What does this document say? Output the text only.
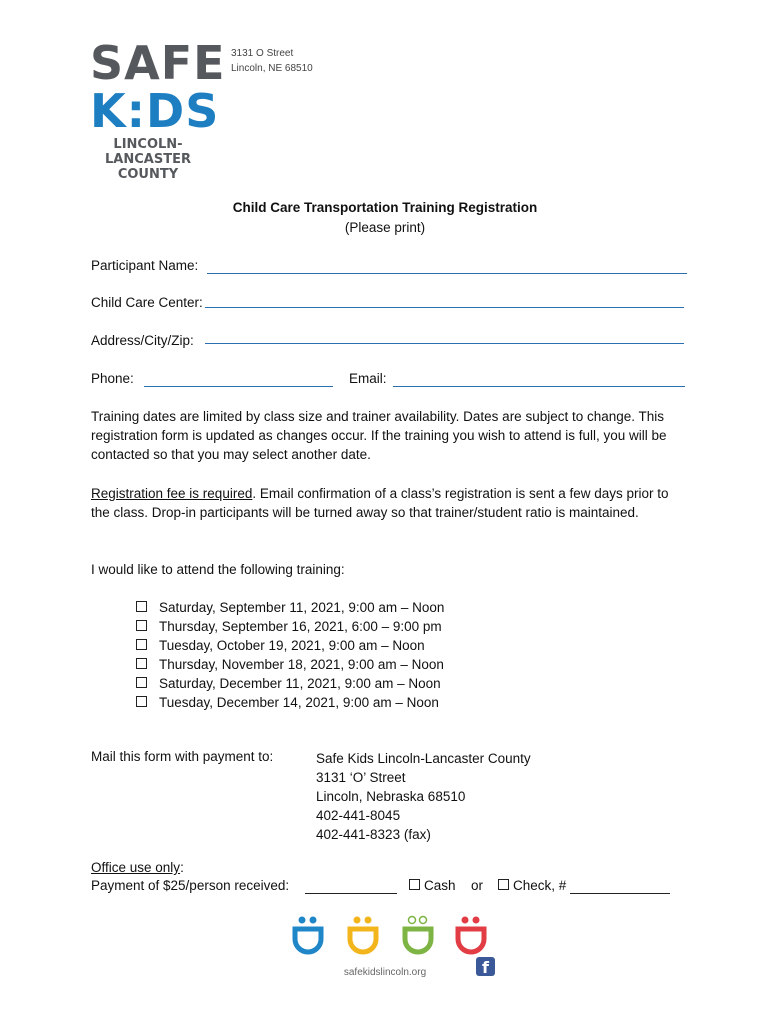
SAFE
K:DS
LINCOLN-
LANCASTER
COUNTY
3131 O Street
Lincoln, NE 68510
Child Care Transportation Training Registration
(Please print)
Participant Name:
Child Care Center:
Address/City/Zip:
Phone:	Email:
Training dates are limited by class size and trainer availability. Dates are subject to change. This registration form is updated as changes occur. If the training you wish to attend is full, you will be contacted so that you may select another date.
Registration fee is required. Email confirmation of a class’s registration is sent a few days prior to the class. Drop-in participants will be turned away so that trainer/student ratio is maintained.
I would like to attend the following training:
Saturday, September 11, 2021, 9:00 am – Noon
Thursday, September 16, 2021, 6:00 – 9:00 pm
Tuesday, October 19, 2021, 9:00 am – Noon
Thursday, November 18, 2021, 9:00 am – Noon
Saturday, December 11, 2021, 9:00 am – Noon
Tuesday, December 14, 2021, 9:00 am – Noon
Mail this form with payment to:	Safe Kids Lincoln-Lancaster County
3131 ‘O’ Street
Lincoln, Nebraska 68510
402-441-8045
402-441-8323 (fax)
Office use only:
Payment of $25/person received:	Cash or	Check, #
safekidslincoln.org	f
